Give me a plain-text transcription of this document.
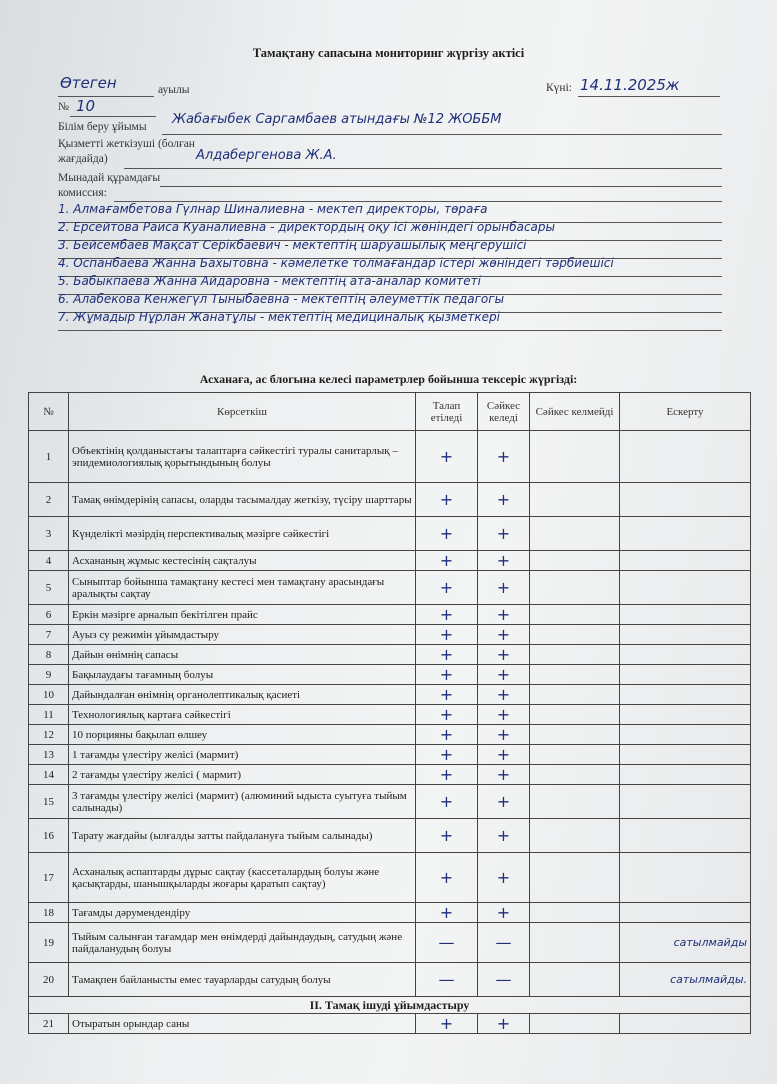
Тамақтану сапасына мониторинг жүргізу актісі
Өтеген	ауылы	Күні: 14.11.2025ж
№ 10
Білім беру ұйымы Жабағыбек Саргамбаев атындағы №12 ЖОББМ
Қызметті жеткізуші (болған
жағдайда)	Алдабергенова Ж.А.
Мынадай құрамдағы
комиссия:
1. Алмағамбетова Гүлнар Шиналиевна - мектеп директоры, төраға
2. Ерсейтова Раиса Куаналиевна - директордың оқу ісі жөніндегі орынбасары
3. Бейсембаев Мақсат Серікбаевич - мектептің шаруашылық меңгерушісі
4. Оспанбаева Жанна Бахытовна - кәмелетке толмағандар істері жөніндегі тәрбиешісі
5. Бабыкпаева Жанна Айдаровна - мектептің ата-аналар комитеті
6. Алабекова Кенжегүл Тыныбаевна - мектептің әлеуметтік педагогы
7. Жұмадыр Нұрлан Жанатұлы - мектептің медициналық қызметкері
Асханаға, ас блогына келесі параметрлер бойынша тексеріс жүргізді:
№	Көрсеткіш	Талап етіледі	Сәйкес келеді	Сәйкес келмейді	Ескерту
1	Объектінің қолданыстағы талаптарға сәйкестігі туралы санитарлық – эпидемиологиялық қорытындының болуы	+	+		
2	Тамақ өнімдерінің сапасы, оларды тасымалдау жеткізу, түсіру шарттары	+	+		
3	Күнделікті мәзірдің перспективалық мәзірге сәйкестігі	+	+		
4	Асхананың жұмыс кестесінің сақталуы	+	+		
5	Сыныптар бойынша тамақтану кестесі мен тамақтану арасындағы аралықты сақтау	+	+		
6	Еркін мәзірге арналып бекітілген прайс	+	+		
7	Ауыз су режимін ұйымдастыру	+	+		
8	Дайын өнімнің сапасы	+	+		
9	Бақылаудағы тағамның болуы	+	+		
10	Дайындалған өнімнің органолептикалық қасиеті	+	+		
11	Технологиялық картаға сәйкестігі	+	+		
12	10 порцияны бақылап өлшеу	+	+		
13	1 тағамды үлестіру желісі (мармит)	+	+		
14	2 тағамды үлестіру желісі ( мармит)	+	+		
15	3 тағамды үлестіру желісі (мармит) (алюминий ыдыста суытуға тыйым салынады)	+	+		
16	Тарату жағдайы (ылғалды затты пайдалануға тыйым салынады)	+	+		
17	Асханалық аспаптарды дұрыс сақтау (кассеталардың болуы және қасықтарды, шанышқыларды жоғары қаратып сақтау)	+	+		
18	Тағамды дәрумендендіру	+	+		
19	Тыйым салынған тағамдар мен өнімдерді дайындаудың, сатудың және пайдаланудың болуы	—	—		сатылмайды
20	Тамақпен байланысты емес тауарларды сатудың болуы	—	—		сатылмайды.
II. Тамақ ішуді ұйымдастыру					
21	Отыратын орындар саны	+	+		
